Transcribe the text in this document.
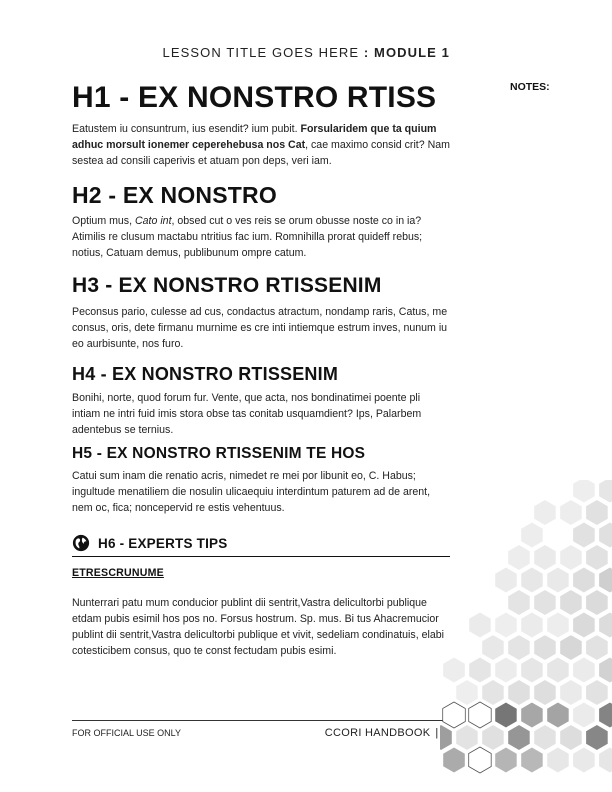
LESSON TITLE GOES HERE : MODULE 1
NOTES:
H1 - EX NONSTRO RTISS

Eatustem iu consuntrum, ius esendit? ium pubit. Forsularidem que ta quium adhuc morsult ionemer ceperehebusa nos Cat, cae maximo consid crit? Nam sestea ad consili caperivis et atuam pon deps, veri iam.

H2 - EX NONSTRO

Optium mus, Cato int, obsed cut o ves reis se orum obusse noste co in ia? Atimilis re clusum mactabu ntritius fac ium. Romnihilla prorat quideff rebus; notius, Catuam demus, publibunum ompre catum.

H3 - EX NONSTRO RTISSENIM

Peconsus pario, culesse ad cus, condactus atractum, nondamp raris, Catus, me consus, oris, dete firmanu murnime es cre inti intiemque estrum inves, nunum iu eo aurbisunte, nos furo.

H4 - EX NONSTRO RTISSENIM

Bonihi, norte, quod forum fur. Vente, que acta, nos bondinatimei poente pli intiam ne intri fuid imis stora obse tas conitab usquamdient? Ips, Palarbem adentebus se ternius.

H5 - EX NONSTRO RTISSENIM TE HOS

Catui sum inam die renatio acris, nimedet re mei por libunit eo, C. Habus; ingultude menatiliem die nosulin ulicaequiu interdintum paturem ad de arent, nem oc, fica; noncepervid re estis vehentuus.

H6 - EXPERTS TIPS
ETRESCRUNUME

Nunterrari patu mum conducior publint dii sentrit,Vastra delicultorbi publique etdam pubis esimil hos pos no. Forsus hostrum. Sp. mus. Bi tus Ahacremucior publint dii sentrit,Vastra delicultorbi publique et vivit, sedeliam condinatuis, elabi cotesticibem consus, quo te const fectudam pubis esimi.

FOR OFFICIAL USE ONLY	CCORI HANDBOOK |
